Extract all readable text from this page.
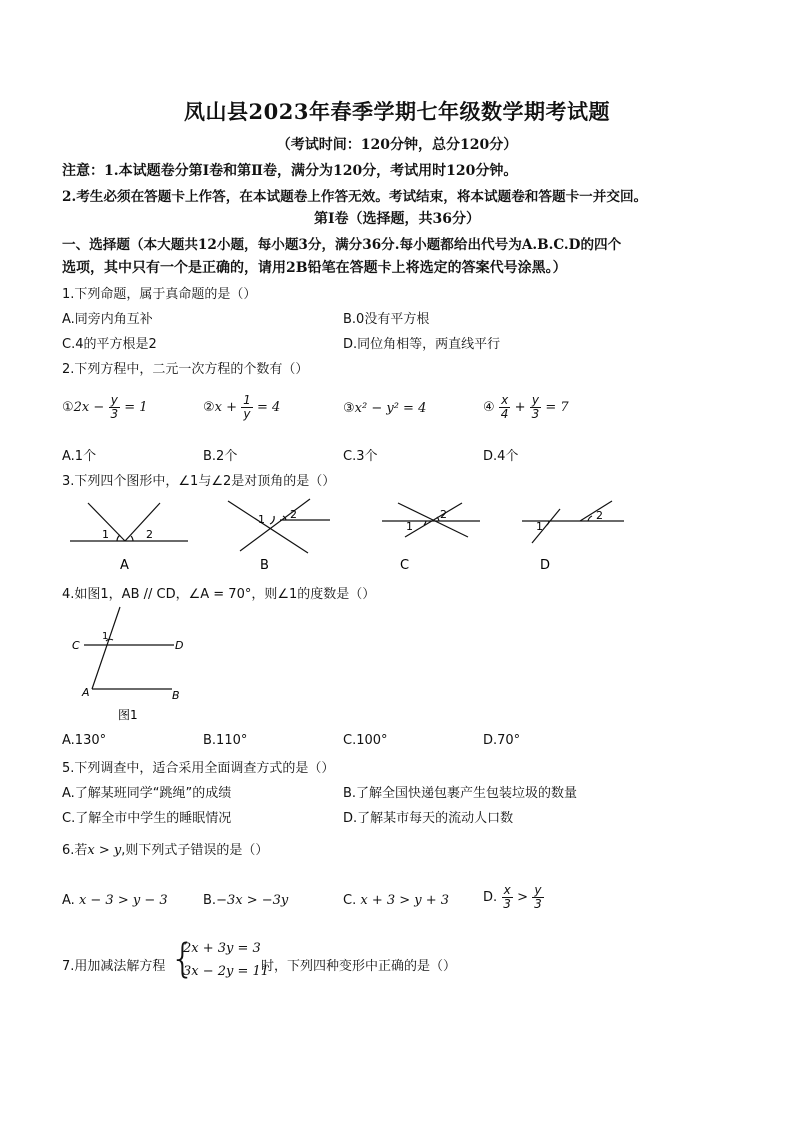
凤山县2023年春季学期七年级数学期考试题
（考试时间：120分钟，总分120分）
注意：1.本试题卷分第Ⅰ卷和第Ⅱ卷，满分为120分，考试用时120分钟。
2.考生必须在答题卡上作答，在本试题卷上作答无效。考试结束，将本试题卷和答题卡一并交回。
第Ⅰ卷（选择题，共36分）
一、选择题（本大题共12小题，每小题3分，满分36分.每小题都给出代号为A.B.C.D的四个
选项，其中只有一个是正确的，请用2B铅笔在答题卡上将选定的答案代号涂黑。）
1.下列命题，属于真命题的是（）
A.同旁内角互补	B.0没有平方根
C.4的平方根是2	D.同位角相等，两直线平行
2.下列方程中，二元一次方程的个数有（）
①2x − $\frac{y}{3} = 1$	②x + $\frac{1}{y} = 4$	③x² − y² = 4	④ $\frac{x}{4} + \frac{y}{3} = 7$
A.1个	B.2个	C.3个	D.4个
3.下列四个图形中，∠1与∠2是对顶角的是（）
1	2
A
1 2
B
1
2
C
1
2
D
4.如图1，AB // CD，∠A = 70°，则∠1的度数是（）
C	D
A	B
1
图1
A.130°	B.110°	C.100°	D.70°
5.下列调查中，适合采用全面调查方式的是（）
A.了解某班同学“跳绳”的成绩	B.了解全国快递包裹产生包装垃圾的数量
C.了解全市中学生的睡眠情况	D.了解某市每天的流动人口数
6.若x > y,则下列式子错误的是（）
A. x − 3 > y − 3	B.−3x > −3y	C. x + 3 > y + 3	D. $\frac{x}{3} > \frac{y}{3}$
7.用加减法解方程 {
2x + 3y = 3
3x − 2y = 11
时，下列四种变形中正确的是（）
